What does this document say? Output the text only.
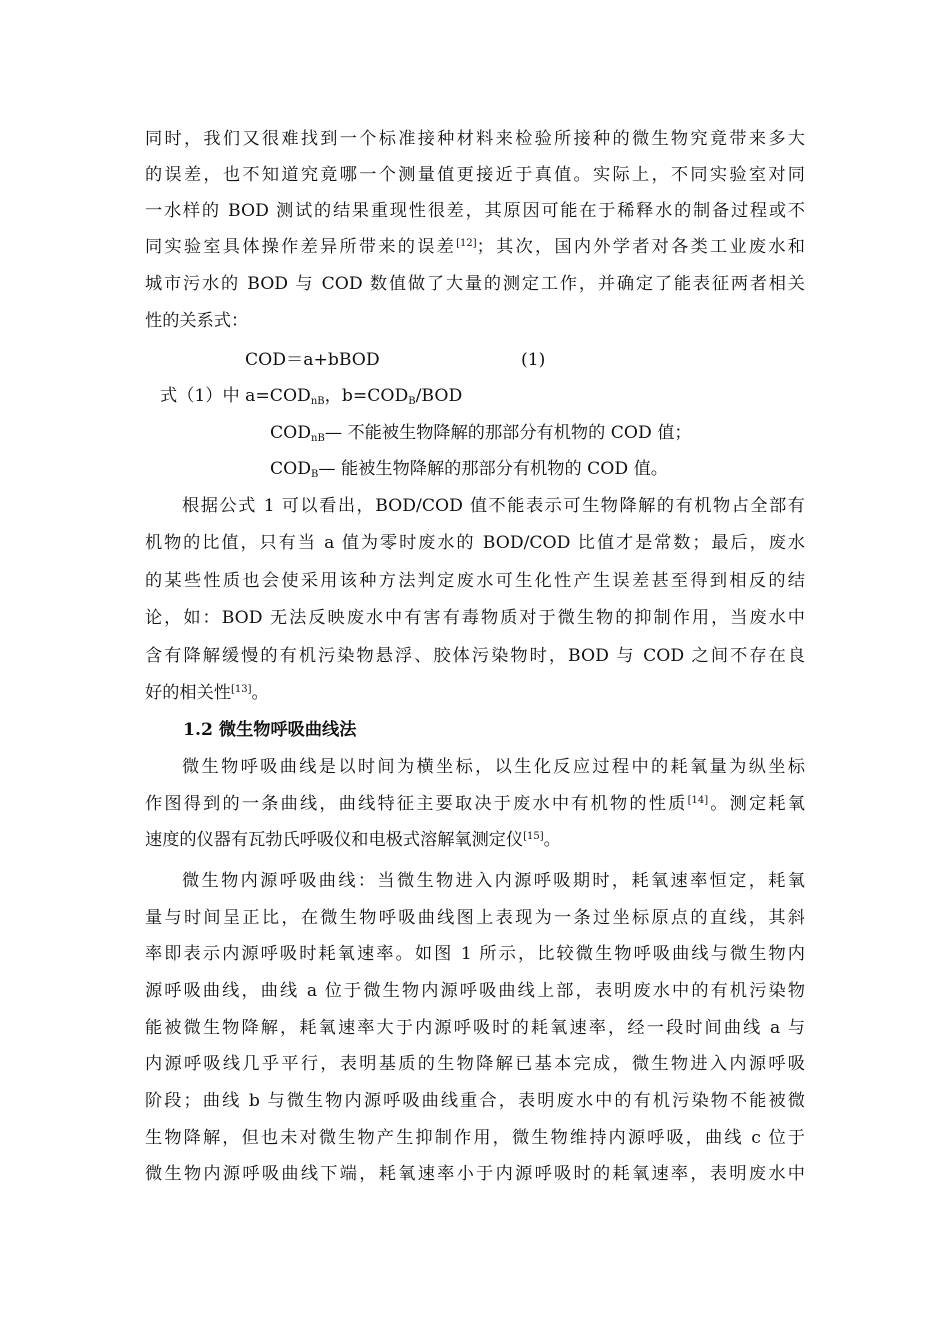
同时，我们又很难找到一个标准接种材料来检验所接种的微生物究竟带来多大
的误差，也不知道究竟哪一个测量值更接近于真值。实际上，不同实验室对同
一水样的 BOD 测试的结果重现性很差，其原因可能在于稀释水的制备过程或不
同实验室具体操作差异所带来的误差[12]；其次，国内外学者对各类工业废水和
城市污水的 BOD 与 COD 数值做了大量的测定工作，并确定了能表征两者相关
性的关系式：
COD＝a+bBOD	(1)
式（1）中 $a=COD_{nB}$，$b=COD_B$/BOD
$COD_{nB}—$ 不能被生物降解的那部分有机物的 COD 值；
$COD_B—$ 能被生物降解的那部分有机物的 COD 值。
根据公式 1 可以看出，BOD/COD 值不能表示可生物降解的有机物占全部有
机物的比值，只有当 a 值为零时废水的 BOD/COD 比值才是常数；最后，废水
的某些性质也会使采用该种方法判定废水可生化性产生误差甚至得到相反的结
论，如：BOD 无法反映废水中有害有毒物质对于微生物的抑制作用，当废水中
含有降解缓慢的有机污染物悬浮、胶体污染物时，BOD 与 COD 之间不存在良
好的相关性[13]。
1.2 微生物呼吸曲线法
微生物呼吸曲线是以时间为横坐标，以生化反应过程中的耗氧量为纵坐标
作图得到的一条曲线，曲线特征主要取决于废水中有机物的性质[14]。测定耗氧
速度的仪器有瓦勃氏呼吸仪和电极式溶解氧测定仪[15]。
微生物内源呼吸曲线：当微生物进入内源呼吸期时，耗氧速率恒定，耗氧
量与时间呈正比，在微生物呼吸曲线图上表现为一条过坐标原点的直线，其斜
率即表示内源呼吸时耗氧速率。如图 1 所示，比较微生物呼吸曲线与微生物内
源呼吸曲线，曲线 a 位于微生物内源呼吸曲线上部，表明废水中的有机污染物
能被微生物降解，耗氧速率大于内源呼吸时的耗氧速率，经一段时间曲线 a 与
内源呼吸线几乎平行，表明基质的生物降解已基本完成，微生物进入内源呼吸
阶段；曲线 b 与微生物内源呼吸曲线重合，表明废水中的有机污染物不能被微
生物降解，但也未对微生物产生抑制作用，微生物维持内源呼吸，曲线 c 位于
微生物内源呼吸曲线下端，耗氧速率小于内源呼吸时的耗氧速率，表明废水中
